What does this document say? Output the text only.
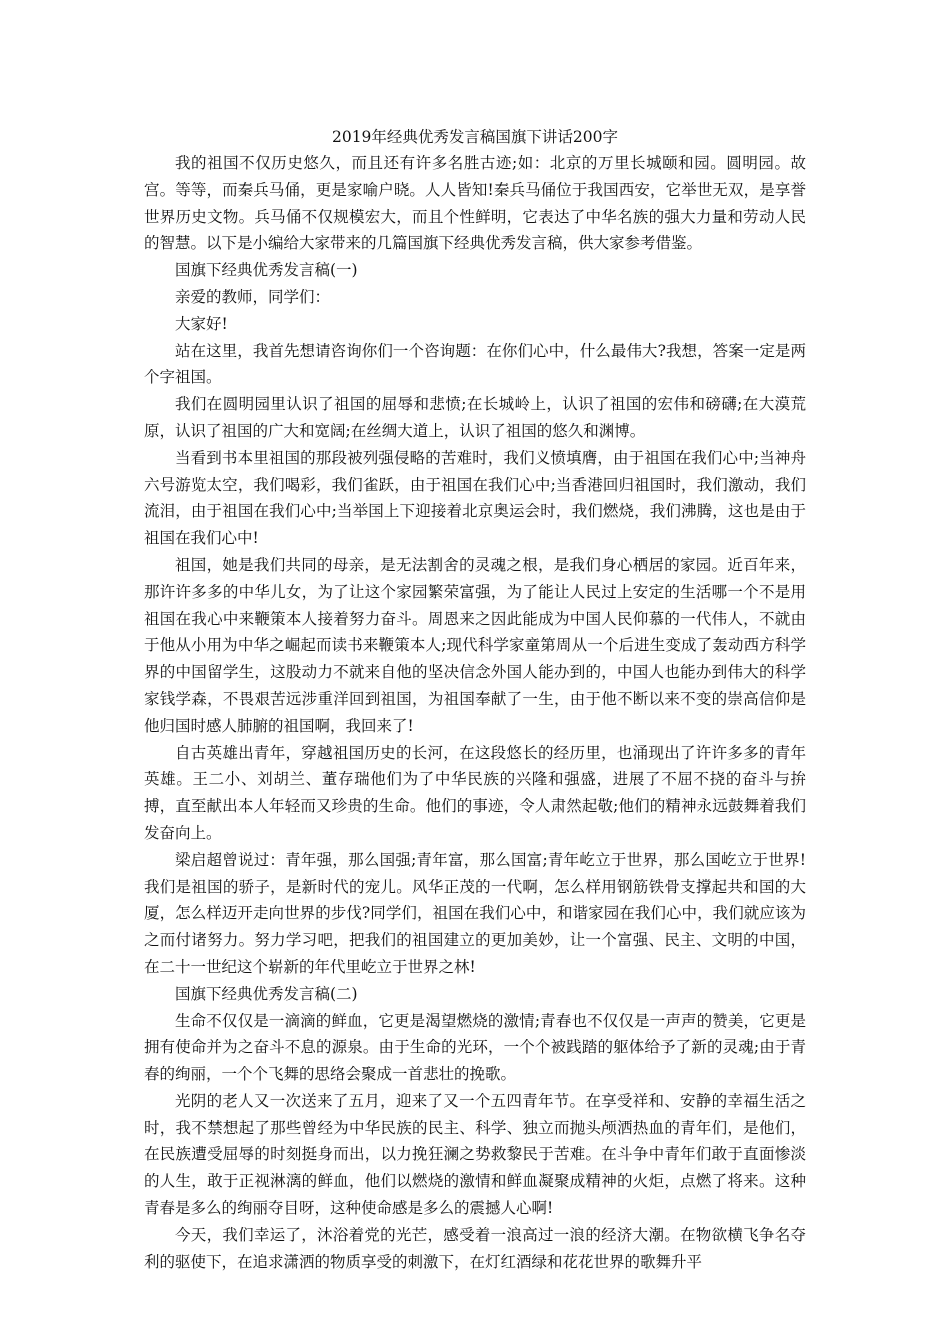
2019年经典优秀发言稿国旗下讲话200字

我的祖国不仅历史悠久，而且还有许多名胜古迹;如：北京的万里长城颐和园。圆明园。故宫。等等，而秦兵马俑，更是家喻户晓。人人皆知!秦兵马俑位于我国西安，它举世无双，是享誉世界历史文物。兵马俑不仅规模宏大，而且个性鲜明，它表达了中华名族的强大力量和劳动人民的智慧。以下是小编给大家带来的几篇国旗下经典优秀发言稿，供大家参考借鉴。

国旗下经典优秀发言稿(一)

亲爱的教师，同学们：

大家好!

站在这里，我首先想请咨询你们一个咨询题：在你们心中，什么最伟大?我想，答案一定是两个字祖国。

我们在圆明园里认识了祖国的屈辱和悲愤;在长城岭上，认识了祖国的宏伟和磅礴;在大漠荒原，认识了祖国的广大和宽阔;在丝绸大道上，认识了祖国的悠久和渊博。

当看到书本里祖国的那段被列强侵略的苦难时，我们义愤填膺，由于祖国在我们心中;当神舟六号游览太空，我们喝彩，我们雀跃，由于祖国在我们心中;当香港回归祖国时，我们激动，我们流泪，由于祖国在我们心中;当举国上下迎接着北京奥运会时，我们燃烧，我们沸腾，这也是由于祖国在我们心中!

祖国，她是我们共同的母亲，是无法割舍的灵魂之根，是我们身心栖居的家园。近百年来，那许许多多的中华儿女，为了让这个家园繁荣富强，为了能让人民过上安定的生活哪一个不是用祖国在我心中来鞭策本人接着努力奋斗。周恩来之因此能成为中国人民仰慕的一代伟人，不就由于他从小用为中华之崛起而读书来鞭策本人;现代科学家童第周从一个后进生变成了轰动西方科学界的中国留学生，这股动力不就来自他的坚决信念外国人能办到的，中国人也能办到伟大的科学家钱学森，不畏艰苦远涉重洋回到祖国，为祖国奉献了一生，由于他不断以来不变的崇高信仰是他归国时感人肺腑的祖国啊，我回来了!

自古英雄出青年，穿越祖国历史的长河，在这段悠长的经历里，也涌现出了许许多多的青年英雄。王二小、刘胡兰、董存瑞他们为了中华民族的兴隆和强盛，进展了不屈不挠的奋斗与拚搏，直至献出本人年轻而又珍贵的生命。他们的事迹，令人肃然起敬;他们的精神永远鼓舞着我们发奋向上。

梁启超曾说过：青年强，那么国强;青年富，那么国富;青年屹立于世界，那么国屹立于世界!我们是祖国的骄子，是新时代的宠儿。风华正茂的一代啊，怎么样用钢筋铁骨支撑起共和国的大厦，怎么样迈开走向世界的步伐?同学们，祖国在我们心中，和谐家园在我们心中，我们就应该为之而付诸努力。努力学习吧，把我们的祖国建立的更加美妙，让一个富强、民主、文明的中国，在二十一世纪这个崭新的年代里屹立于世界之林!

国旗下经典优秀发言稿(二)

生命不仅仅是一滴滴的鲜血，它更是渴望燃烧的激情;青春也不仅仅是一声声的赞美，它更是拥有使命并为之奋斗不息的源泉。由于生命的光环，一个个被践踏的躯体给予了新的灵魂;由于青春的绚丽，一个个飞舞的思络会聚成一首悲壮的挽歌。

光阴的老人又一次送来了五月，迎来了又一个五四青年节。在享受祥和、安静的幸福生活之时，我不禁想起了那些曾经为中华民族的民主、科学、独立而抛头颅洒热血的青年们，是他们，在民族遭受屈辱的时刻挺身而出，以力挽狂澜之势救黎民于苦难。在斗争中青年们敢于直面惨淡的人生，敢于正视淋漓的鲜血，他们以燃烧的激情和鲜血凝聚成精神的火炬，点燃了将来。这种青春是多么的绚丽夺目呀，这种使命感是多么的震撼人心啊!

今天，我们幸运了，沐浴着党的光芒，感受着一浪高过一浪的经济大潮。在物欲横飞争名夺利的驱使下，在追求潇洒的物质享受的刺激下，在灯红酒绿和花花世界的歌舞升平
